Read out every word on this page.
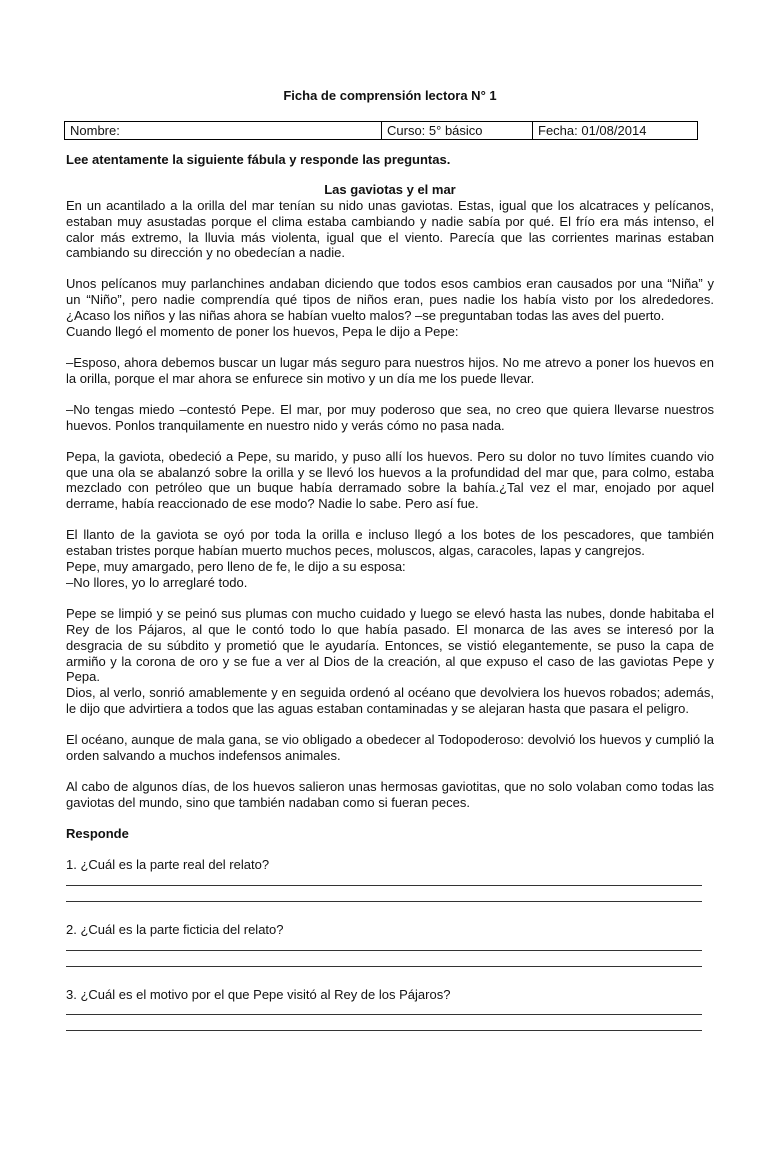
Ficha de comprensión lectora N° 1

Nombre:	Curso: 5° básico	Fecha: 01/08/2014

Lee atentamente la siguiente fábula y responde las preguntas.

Las gaviotas y el mar

En un acantilado a la orilla del mar tenían su nido unas gaviotas. Estas, igual que los alcatraces y pelícanos, estaban muy asustadas porque el clima estaba cambiando y nadie sabía por qué. El frío era más intenso, el calor más extremo, la lluvia más violenta, igual que el viento. Parecía que las corrientes marinas estaban cambiando su dirección y no obedecían a nadie.

Unos pelícanos muy parlanchines andaban diciendo que todos esos cambios eran causados por una “Niña” y un “Niño”, pero nadie comprendía qué tipos de niños eran, pues nadie los había visto por los alrededores. ¿Acaso los niños y las niñas ahora se habían vuelto malos? –se preguntaban todas las aves del puerto.

Cuando llegó el momento de poner los huevos, Pepa le dijo a Pepe:

–Esposo, ahora debemos buscar un lugar más seguro para nuestros hijos. No me atrevo a poner los huevos en la orilla, porque el mar ahora se enfurece sin motivo y un día me los puede llevar.

–No tengas miedo –contestó Pepe. El mar, por muy poderoso que sea, no creo que quiera llevarse nuestros huevos. Ponlos tranquilamente en nuestro nido y verás cómo no pasa nada.

Pepa, la gaviota, obedeció a Pepe, su marido, y puso allí los huevos. Pero su dolor no tuvo límites cuando vio que una ola se abalanzó sobre la orilla y se llevó los huevos a la profundidad del mar que, para colmo, estaba mezclado con petróleo que un buque había derramado sobre la bahía.¿Tal vez el mar, enojado por aquel derrame, había reaccionado de ese modo? Nadie lo sabe. Pero así fue.

El llanto de la gaviota se oyó por toda la orilla e incluso llegó a los botes de los pescadores, que también estaban tristes porque habían muerto muchos peces, moluscos, algas, caracoles, lapas y cangrejos.

Pepe, muy amargado, pero lleno de fe, le dijo a su esposa:

–No llores, yo lo arreglaré todo.

Pepe se limpió y se peinó sus plumas con mucho cuidado y luego se elevó hasta las nubes, donde habitaba el Rey de los Pájaros, al que le contó todo lo que había pasado. El monarca de las aves se interesó por la desgracia de su súbdito y prometió que le ayudaría. Entonces, se vistió elegantemente, se puso la capa de armiño y la corona de oro y se fue a ver al Dios de la creación, al que expuso el caso de las gaviotas Pepe y Pepa.

Dios, al verlo, sonrió amablemente y en seguida ordenó al océano que devolviera los huevos robados; además, le dijo que advirtiera a todos que las aguas estaban contaminadas y se alejaran hasta que pasara el peligro.

El océano, aunque de mala gana, se vio obligado a obedecer al Todopoderoso: devolvió los huevos y cumplió la orden salvando a muchos indefensos animales.

Al cabo de algunos días, de los huevos salieron unas hermosas gaviotitas, que no solo volaban como todas las gaviotas del mundo, sino que también nadaban como si fueran peces.

Responde

1. ¿Cuál es la parte real del relato?

2. ¿Cuál es la parte ficticia del relato?

3. ¿Cuál es el motivo por el que Pepe visitó al Rey de los Pájaros?
